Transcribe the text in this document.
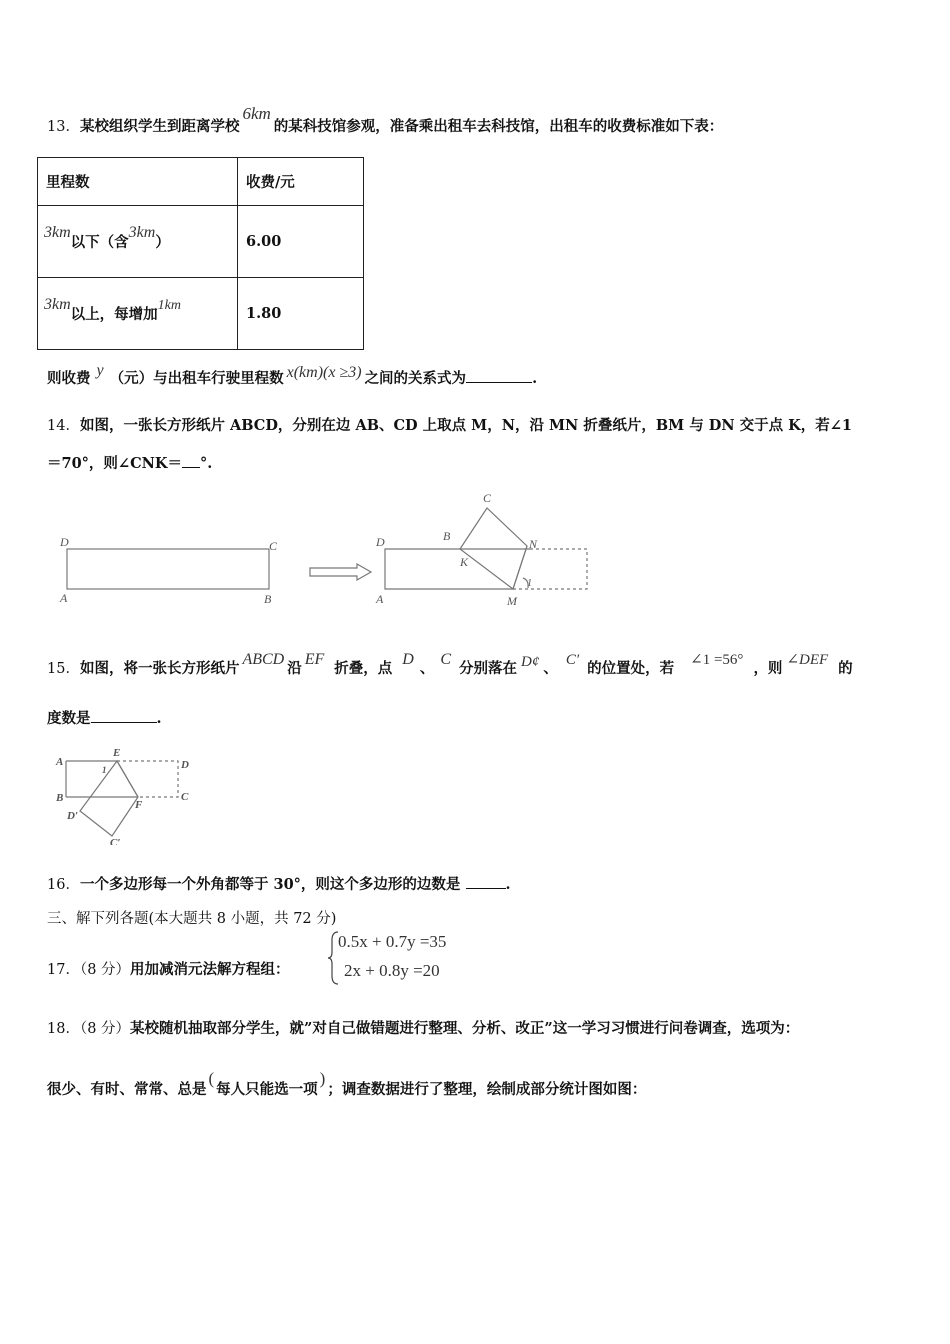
13．某校组织学生到距离学校6km的某科技馆参观，准备乘出租车去科技馆，出租车的收费标准如下表：
里程数	收费/元
3km以下（含3km）	6.00
3km以上，每增加1km	1.80
则收费 y （元）与出租车行驶里程数 x(km)(x ≥3) 之间的关系式为	.
14．如图，一张长方形纸片 ABCD，分别在边 AB、CD 上取点 M，N，沿 MN 折叠纸片，BM 与 DN 交于点 K，若∠1
＝70°，则∠CNK＝ °.
D	C
A	B
D
C
B
K
N
A	M
1
15．如图，将一张长方形纸片ABCD沿EF折叠，点D、C分别落在 D¢ 、 C′ 的位置处，若 ∠1 =56° ，则 ∠DEF 的
度数是	.
A
B
E
1	D
C
F
D′
C′
16．一个多边形每一个外角都等于 30°，则这个多边形的边数是	.
三、解下列各题(本大题共 8 小题，共 72 分)
17．（8 分）用加减消元法解方程组：
0.5x + 0.7y =35
2x + 0.8y =20
18．（8 分）某校随机抽取部分学生，就”对自己做错题进行整理、分析、改正”这一学习习惯进行问卷调查，选项为：
很少、有时、常常、总是(每人只能选一项)；调查数据进行了整理，绘制成部分统计图如图：
